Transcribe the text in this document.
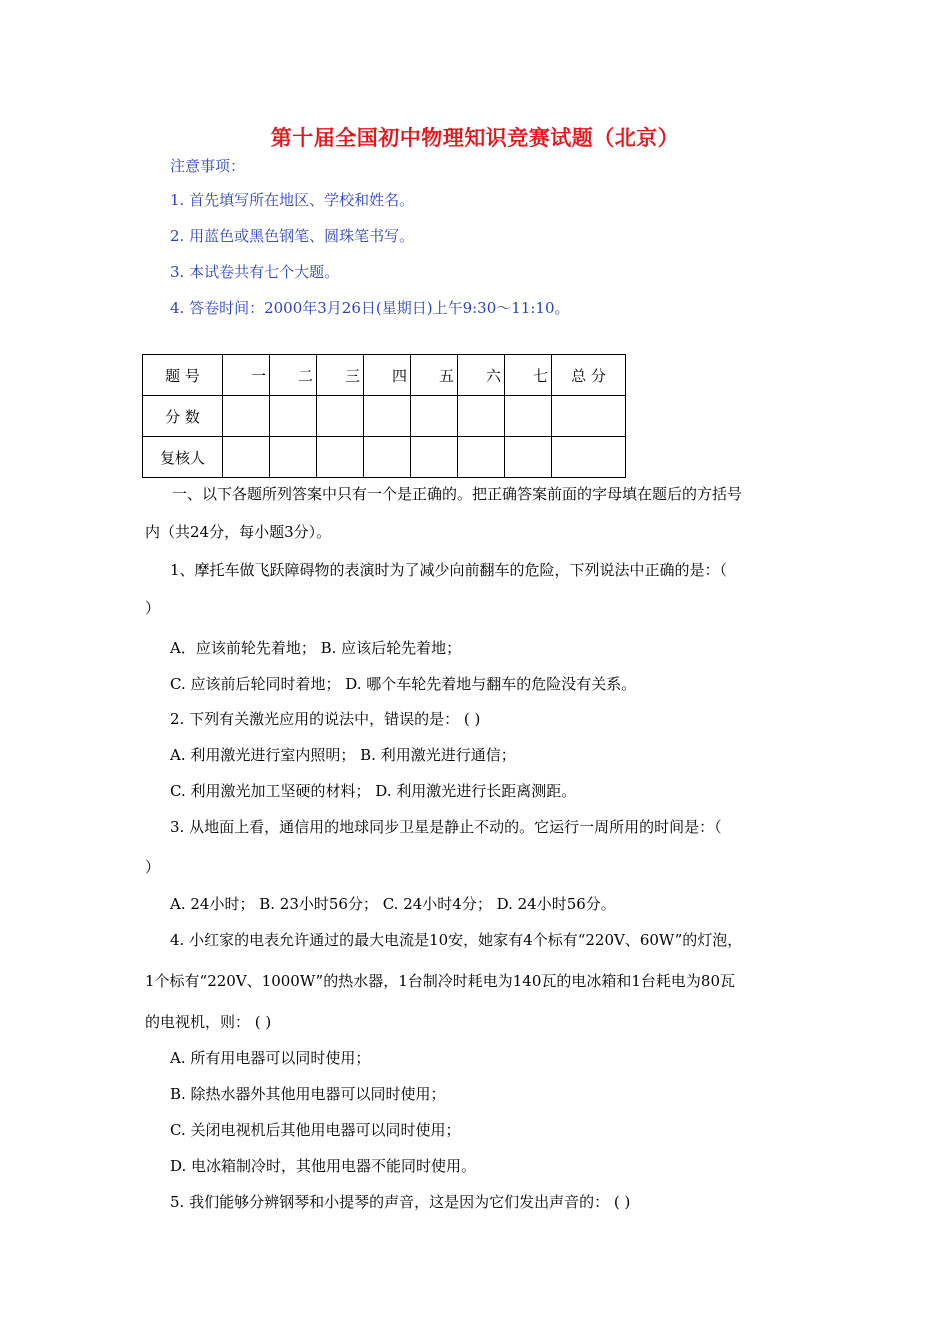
第十届全国初中物理知识竞赛试题（北京）
注意事项：
1. 首先填写所在地区、学校和姓名。
2. 用蓝色或黑色钢笔、圆珠笔书写。
3. 本试卷共有七个大题。
4. 答卷时间：2000年3月26日(星期日)上午9:30～11:10。
题 号	一	二	三	四	五	六	七	总 分
分 数								
复核人								
一、以下各题所列答案中只有一个是正确的。把正确答案前面的字母填在题后的方括号
内（共24分，每小题3分）。
1、摩托车做飞跃障碍物的表演时为了减少向前翻车的危险，下列说法中正确的是：（
）
A．应该前轮先着地； B. 应该后轮先着地；
C. 应该前后轮同时着地； D. 哪个车轮先着地与翻车的危险没有关系。
2. 下列有关激光应用的说法中，错误的是： ( )
A. 利用激光进行室内照明； B. 利用激光进行通信；
C. 利用激光加工坚硬的材料； D. 利用激光进行长距离测距。
3. 从地面上看，通信用的地球同步卫星是静止不动的。它运行一周所用的时间是：（
）
A. 24小时； B. 23小时56分； C. 24小时4分； D. 24小时56分。
4. 小红家的电表允许通过的最大电流是10安，她家有4个标有“220V、60W”的灯泡，
1个标有“220V、1000W”的热水器，1台制冷时耗电为140瓦的电冰箱和1台耗电为80瓦
的电视机，则： ( )
A. 所有用电器可以同时使用；
B. 除热水器外其他用电器可以同时使用；
C. 关闭电视机后其他用电器可以同时使用；
D. 电冰箱制冷时，其他用电器不能同时使用。
5. 我们能够分辨钢琴和小提琴的声音，这是因为它们发出声音的： ( )
